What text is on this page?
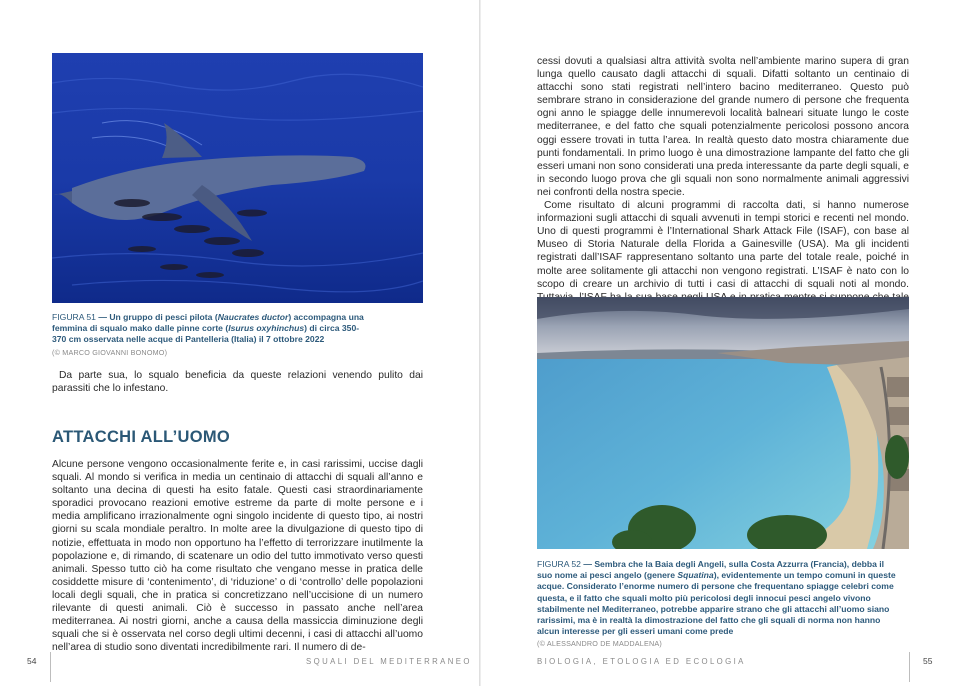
FIGURA 51 — Un gruppo di pesci pilota (Naucrates ductor) accompagna una femmina di squalo mako dalle pinne corte (Isurus oxyhinchus) di circa 350-370 cm osservata nelle acque di Pantelleria (Italia) il 7 ottobre 2022
(© MARCO GIOVANNI BONOMO)

Da parte sua, lo squalo beneficia da queste relazioni venendo pulito dai parassiti che lo infestano.

ATTACCHI ALL’UOMO

Alcune persone vengono occasionalmente ferite e, in casi rarissimi, uccise dagli squali. Al mondo si verifica in media un centinaio di attacchi di squali all’anno e soltanto una decina di questi ha esito fatale. Questi casi straordinariamente sporadici provocano reazioni emotive estreme da parte di molte persone e i media amplificano irrazionalmente ogni singolo incidente di questo tipo, ai nostri giorni su scala mondiale peraltro. In molte aree la divulgazione di questo tipo di notizie, effettuata in modo non opportuno ha l’effetto di terrorizzare inutilmente la popolazione e, di rimando, di scatenare un odio del tutto immotivato verso questi animali. Spesso tutto ciò ha come risultato che vengano messe in pratica delle cosiddette misure di ‘contenimento’, di ‘riduzione’ o di ‘controllo’ delle popolazioni locali degli squali, che in pratica si concretizzano nell’uccisione di un numero rilevante di questi animali. Ciò è successo in passato anche nell’area mediterranea. Ai nostri giorni, anche a causa della massiccia diminuzione degli squali che si è osservata nel corso degli ultimi decenni, i casi di attacchi all’uomo nell’area di studio sono diventati incredibilmente rari. Il numero di de-

54	SQUALI DEL MEDITERRANEO

cessi dovuti a qualsiasi altra attività svolta nell’ambiente marino supera di gran lunga quello causato dagli attacchi di squali. Difatti soltanto un centinaio di attacchi sono stati registrati nell’intero bacino mediterraneo. Questo può sembrare strano in considerazione del grande numero di persone che frequenta ogni anno le spiagge delle innumerevoli località balneari situate lungo le coste mediterranee, e del fatto che squali potenzialmente pericolosi possono ancora oggi essere trovati in tutta l’area. In realtà questo dato mostra chiaramente due punti fondamentali. In primo luogo è una dimostrazione lampante del fatto che gli esseri umani non sono considerati una preda interessante da parte degli squali, e in secondo luogo prova che gli squali non sono normalmente animali aggressivi nei confronti della nostra specie.

Come risultato di alcuni programmi di raccolta dati, si hanno numerose informazioni sugli attacchi di squali avvenuti in tempi storici e recenti nel mondo. Uno di questi programmi è l’International Shark Attack File (ISAF), con base al Museo di Storia Naturale della Florida a Gainesville (USA). Ma gli incidenti registrati dall’ISAF rappresentano soltanto una parte del totale reale, poiché in molte aree solitamente gli attacchi non vengono registrati. L’ISAF è nato con lo scopo di creare un archivio di tutti i casi di attacchi di squali noti al mondo.

FIGURA 52 — Sembra che la Baia degli Angeli, sulla Costa Azzurra (Francia), debba il suo nome ai pesci angelo (genere Squatina), evidentemente un tempo comuni in queste acque. Considerato l’enorme numero di persone che frequentano spiagge celebri come questa, e il fatto che squali molto più pericolosi degli innocui pesci angelo vivono stabilmente nel Mediterraneo, potrebbe apparire strano che gli attacchi all’uomo siano rarissimi, ma è in realtà la dimostrazione del fatto che gli squali di norma non hanno alcun interesse per gli esseri umani come prede
(© ALESSANDRO DE MADDALENA)
BIOLOGIA, ETOLOGIA ED ECOLOGIA	55
